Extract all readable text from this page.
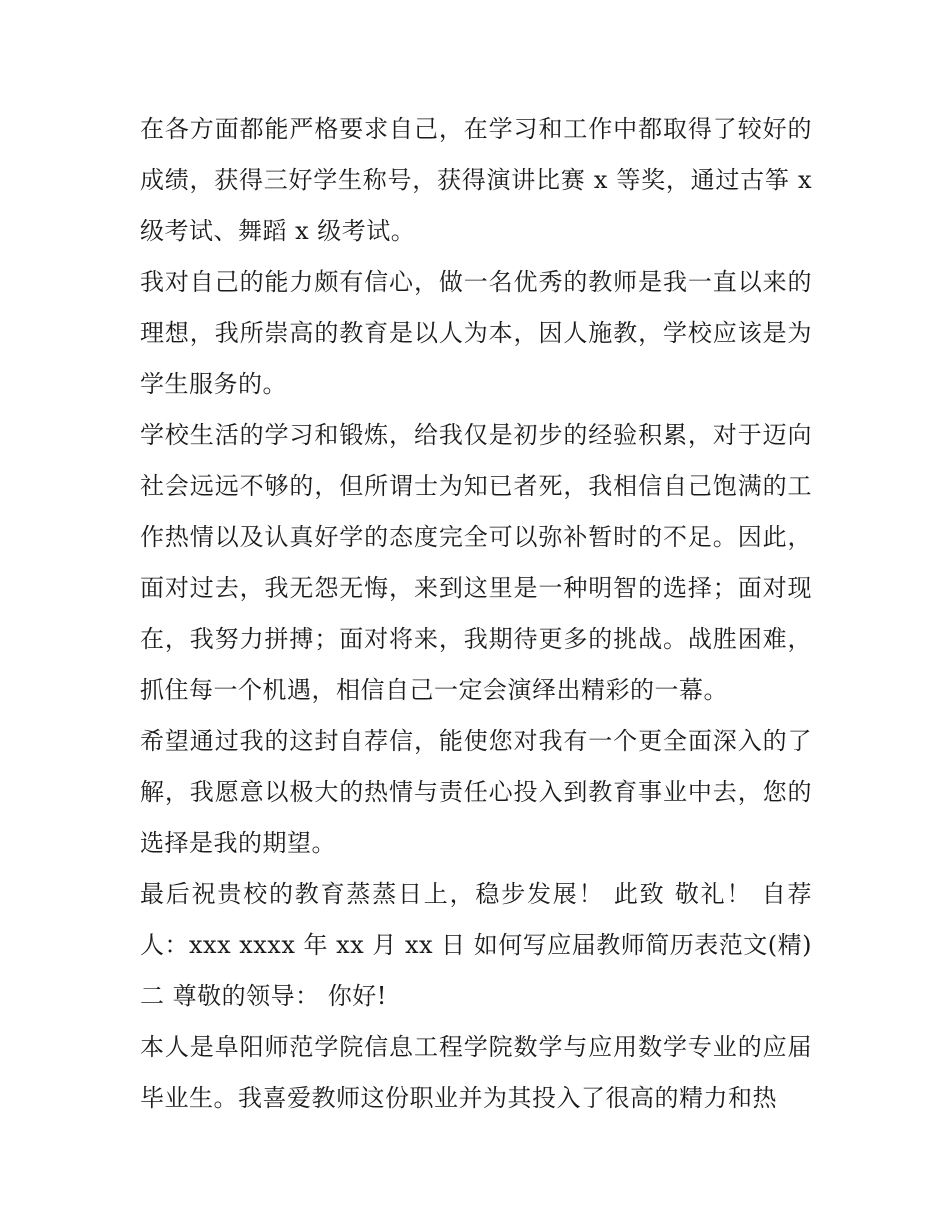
在各方面都能严格要求自己，在学习和工作中都取得了较好的成绩，获得三好学生称号，获得演讲比赛 x 等奖，通过古筝 x 级考试、舞蹈 x 级考试。

我对自己的能力颇有信心，做一名优秀的教师是我一直以来的理想，我所崇高的教育是以人为本，因人施教，学校应该是为学生服务的。

学校生活的学习和锻炼，给我仅是初步的经验积累，对于迈向社会远远不够的，但所谓士为知已者死，我相信自己饱满的工作热情以及认真好学的态度完全可以弥补暂时的不足。因此，面对过去，我无怨无悔，来到这里是一种明智的选择；面对现在，我努力拼搏；面对将来，我期待更多的挑战。战胜困难，抓住每一个机遇，相信自己一定会演绎出精彩的一幕。

希望通过我的这封自荐信，能使您对我有一个更全面深入的了解，我愿意以极大的热情与责任心投入到教育事业中去，您的选择是我的期望。

最后祝贵校的教育蒸蒸日上，稳步发展！ 此致 敬礼！ 自荐人：xxx xxxx 年 xx 月 xx 日 如何写应届教师简历表范文(精)二 尊敬的领导： 你好!

本人是阜阳师范学院信息工程学院数学与应用数学专业的应届毕业生。我喜爱教师这份职业并为其投入了很高的精力和热
